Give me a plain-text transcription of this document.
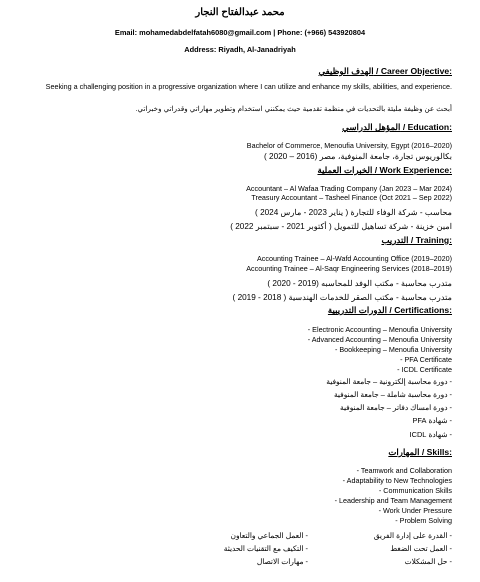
محمد عبدالفتاح النجار
Email: mohamedabdelfatah6080@gmail.com | Phone: (+966) 543920804
Address: Riyadh, Al-Janadriyah
الهدف الوظيفي / Career Objective:
Seeking a challenging position in a progressive organization where I can utilize and enhance my skills, abilities, and experience.
أبحث عن وظيفة مليئة بالتحديات في منظمة تقدمية حيث يمكنني استخدام وتطوير مهاراتي وقدراتي وخبراتي.
المؤهل الدراسي / Education:
Bachelor of Commerce, Menoufia University, Egypt (2016–2020)
بكالوريوس تجارة، جامعة المنوفية، مصر (2016 – 2020 )
الخبرات العملية / Work Experience:
Accountant – Al Wafaa Trading Company (Jan 2023 – Mar 2024)
Treasury Accountant – Tasheel Finance (Oct 2021 – Sep 2022)
محاسب - شركة الوفاء للتجارة ( يناير 2023 - مارس 2024 )
امين خزينة - شركة تساهيل للتمويل ( أكتوبر 2021 - سبتمبر 2022 )
التدريب / Training:
Accounting Trainee – Al-Wafd Accounting Office (2019–2020)
Accounting Trainee – Al-Saqr Engineering Services (2018–2019)
متدرب محاسبة - مكتب الوفد للمحاسبه (2019 - 2020 )
متدرب محاسبة - مكتب الصقر للخدمات الهندسية ( 2018 - 2019 )
الدورات التدريبية / Certifications:
- Electronic Accounting – Menoufia University
- Advanced Accounting – Menoufia University
- Bookkeeping – Menoufia University
- PFA Certificate
- ICDL Certificate
- دورة محاسبة إلكترونية – جامعة المنوفية
- دورة محاسبة شاملة – جامعة المنوفية
- دورة امساك دفاتر – جامعة المنوفية
- شهادة PFA
- شهادة ICDL
المهارات / Skills:
- Teamwork and Collaboration
- Adaptability to New Technologies
- Communication Skills
- Leadership and Team Management
- Work Under Pressure
- Problem Solving
- القدرة على إدارة الفريق
- العمل تحت الضغط
- حل المشكلات
- العمل الجماعي والتعاون
- التكيف مع التقنيات الحديثة
- مهارات الاتصال
